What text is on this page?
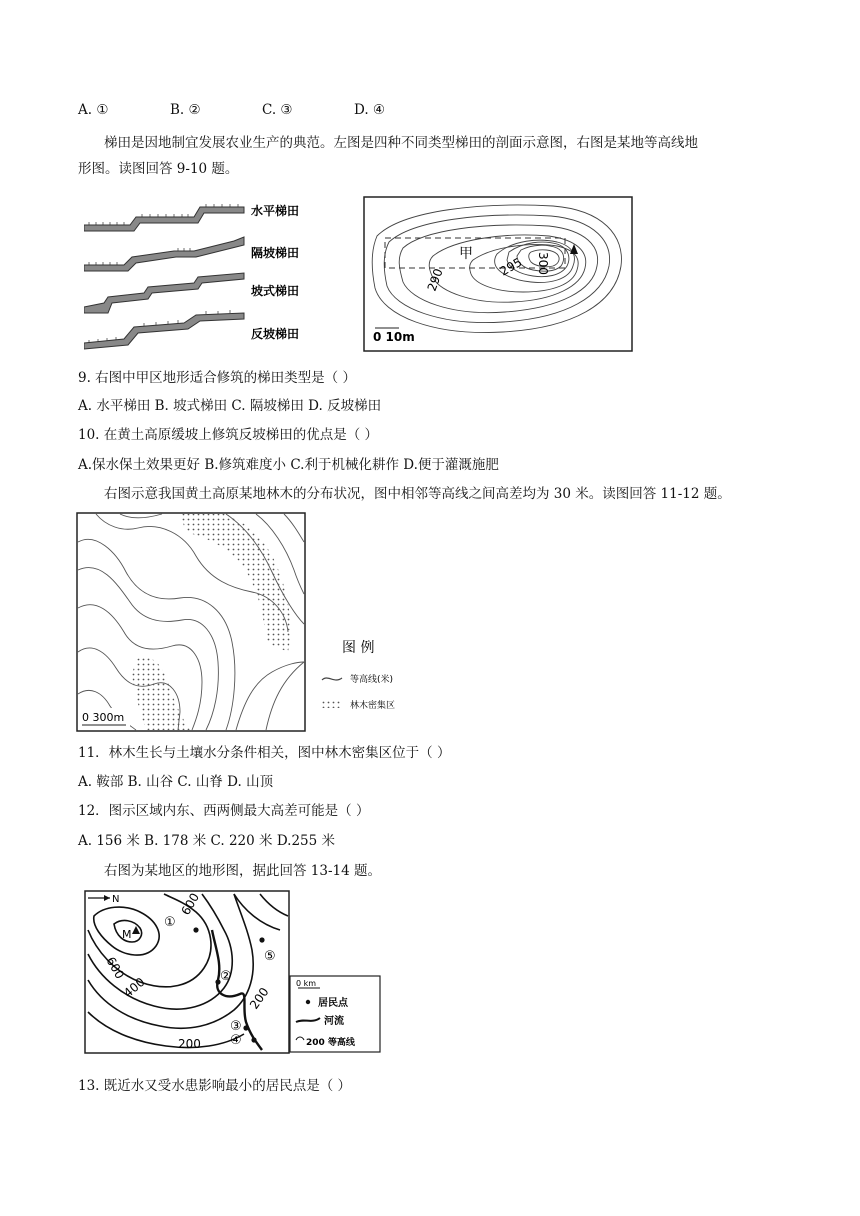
A. ①	B. ②	C. ③	D. ④
梯田是因地制宜发展农业生产的典范。左图是四种不同类型梯田的剖面示意图，右图是某地等高线地
形图。读图回答 9-10 题。
水平梯田
隔坡梯田
坡式梯田
反坡梯田
甲	300
295
290
0 10m
9. 右图中甲区地形适合修筑的梯田类型是（ ）
A. 水平梯田 B. 坡式梯田 C. 隔坡梯田 D. 反坡梯田
10. 在黄土高原缓坡上修筑反坡梯田的优点是（ ）
A.保水保土效果更好 B.修筑难度小 C.利于机械化耕作 D.便于灌溉施肥
右图示意我国黄土高原某地林木的分布状况，图中相邻等高线之间高差均为 30 米。读图回答 11-12 题。
0 300m
图 例
等高线(米)
林木密集区
11．林木生长与土壤水分条件相关，图中林木密集区位于（ ）
A. 鞍部 B. 山谷 C. 山脊 D. 山顶
12．图示区域内东、西两侧最大高差可能是（ ）
A. 156 米 B. 178 米 C. 220 米 D.255 米
右图为某地区的地形图，据此回答 13-14 题。
N
M
600
600
400
200
200
①
②
③
④
⑤
0 km
居民点
河流
200 等高线
13. 既近水又受水患影响最小的居民点是（ ）
